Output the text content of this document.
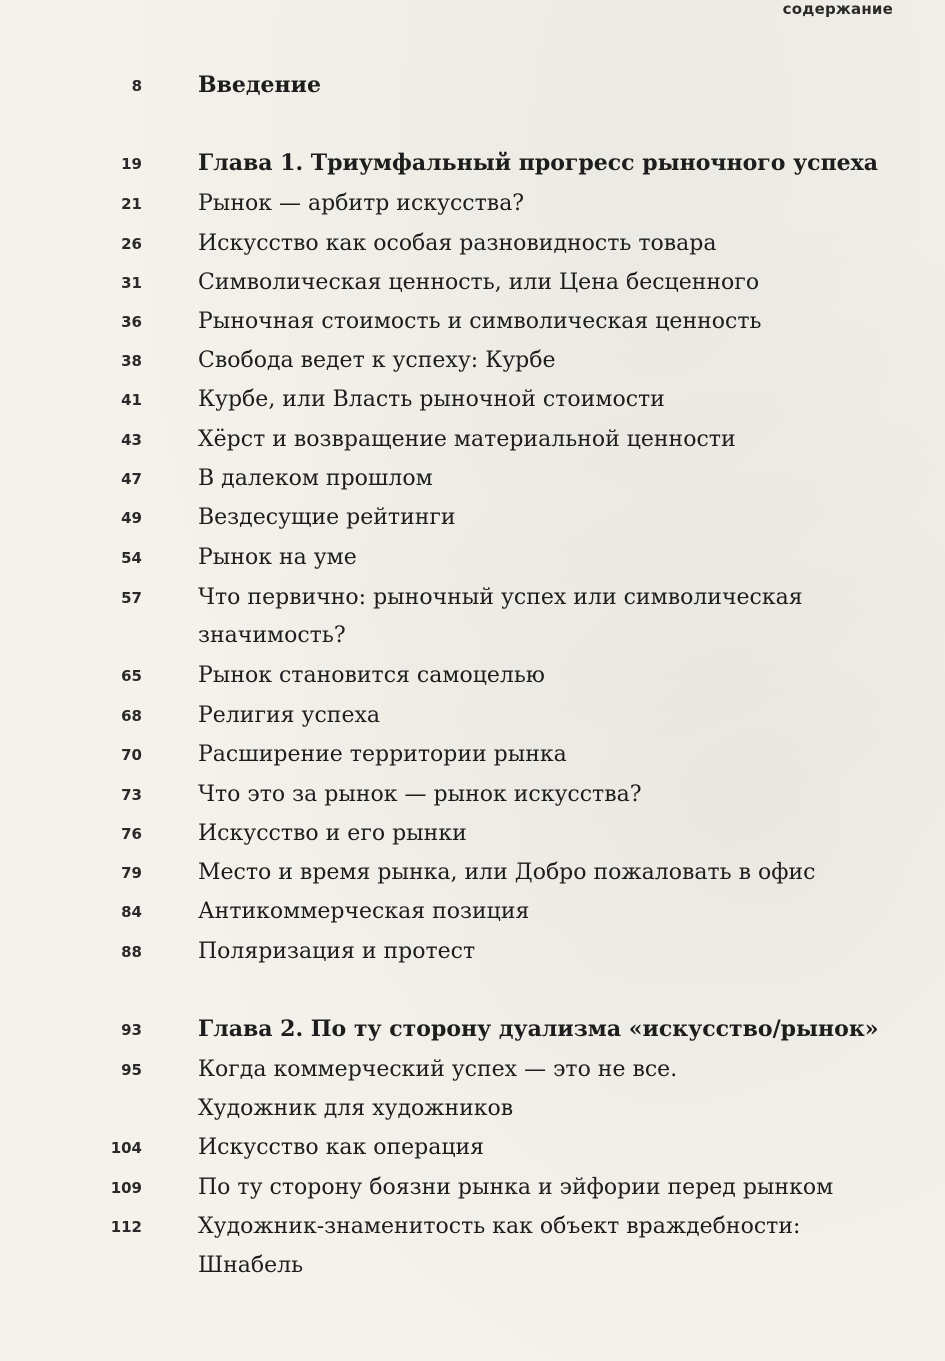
содержание
8	Введение
19	Глава 1. Триумфальный прогресс рыночного успеха
21	Рынок — арбитр искусства?
26	Искусство как особая разновидность товара
31	Символическая ценность, или Цена бесценного
36	Рыночная стоимость и символическая ценность
38	Свобода ведет к успеху: Курбе
41	Курбе, или Власть рыночной стоимости
43	Хёрст и возвращение материальной ценности
47	В далеком прошлом
49	Вездесущие рейтинги
54	Рынок на уме
57	Что первично: рыночный успех или символическая
значимость?
65	Рынок становится самоцелью
68	Религия успеха
70	Расширение территории рынка
73	Что это за рынок — рынок искусства?
76	Искусство и его рынки
79	Место и время рынка, или Добро пожаловать в офис
84	Антикоммерческая позиция
88	Поляризация и протест
93	Глава 2. По ту сторону дуализма «искусство/рынок»
95	Когда коммерческий успех — это не все.
Художник для художников
104	Искусство как операция
109	По ту сторону боязни рынка и эйфории перед рынком
112	Художник-знаменитость как объект враждебности:
Шнабель
